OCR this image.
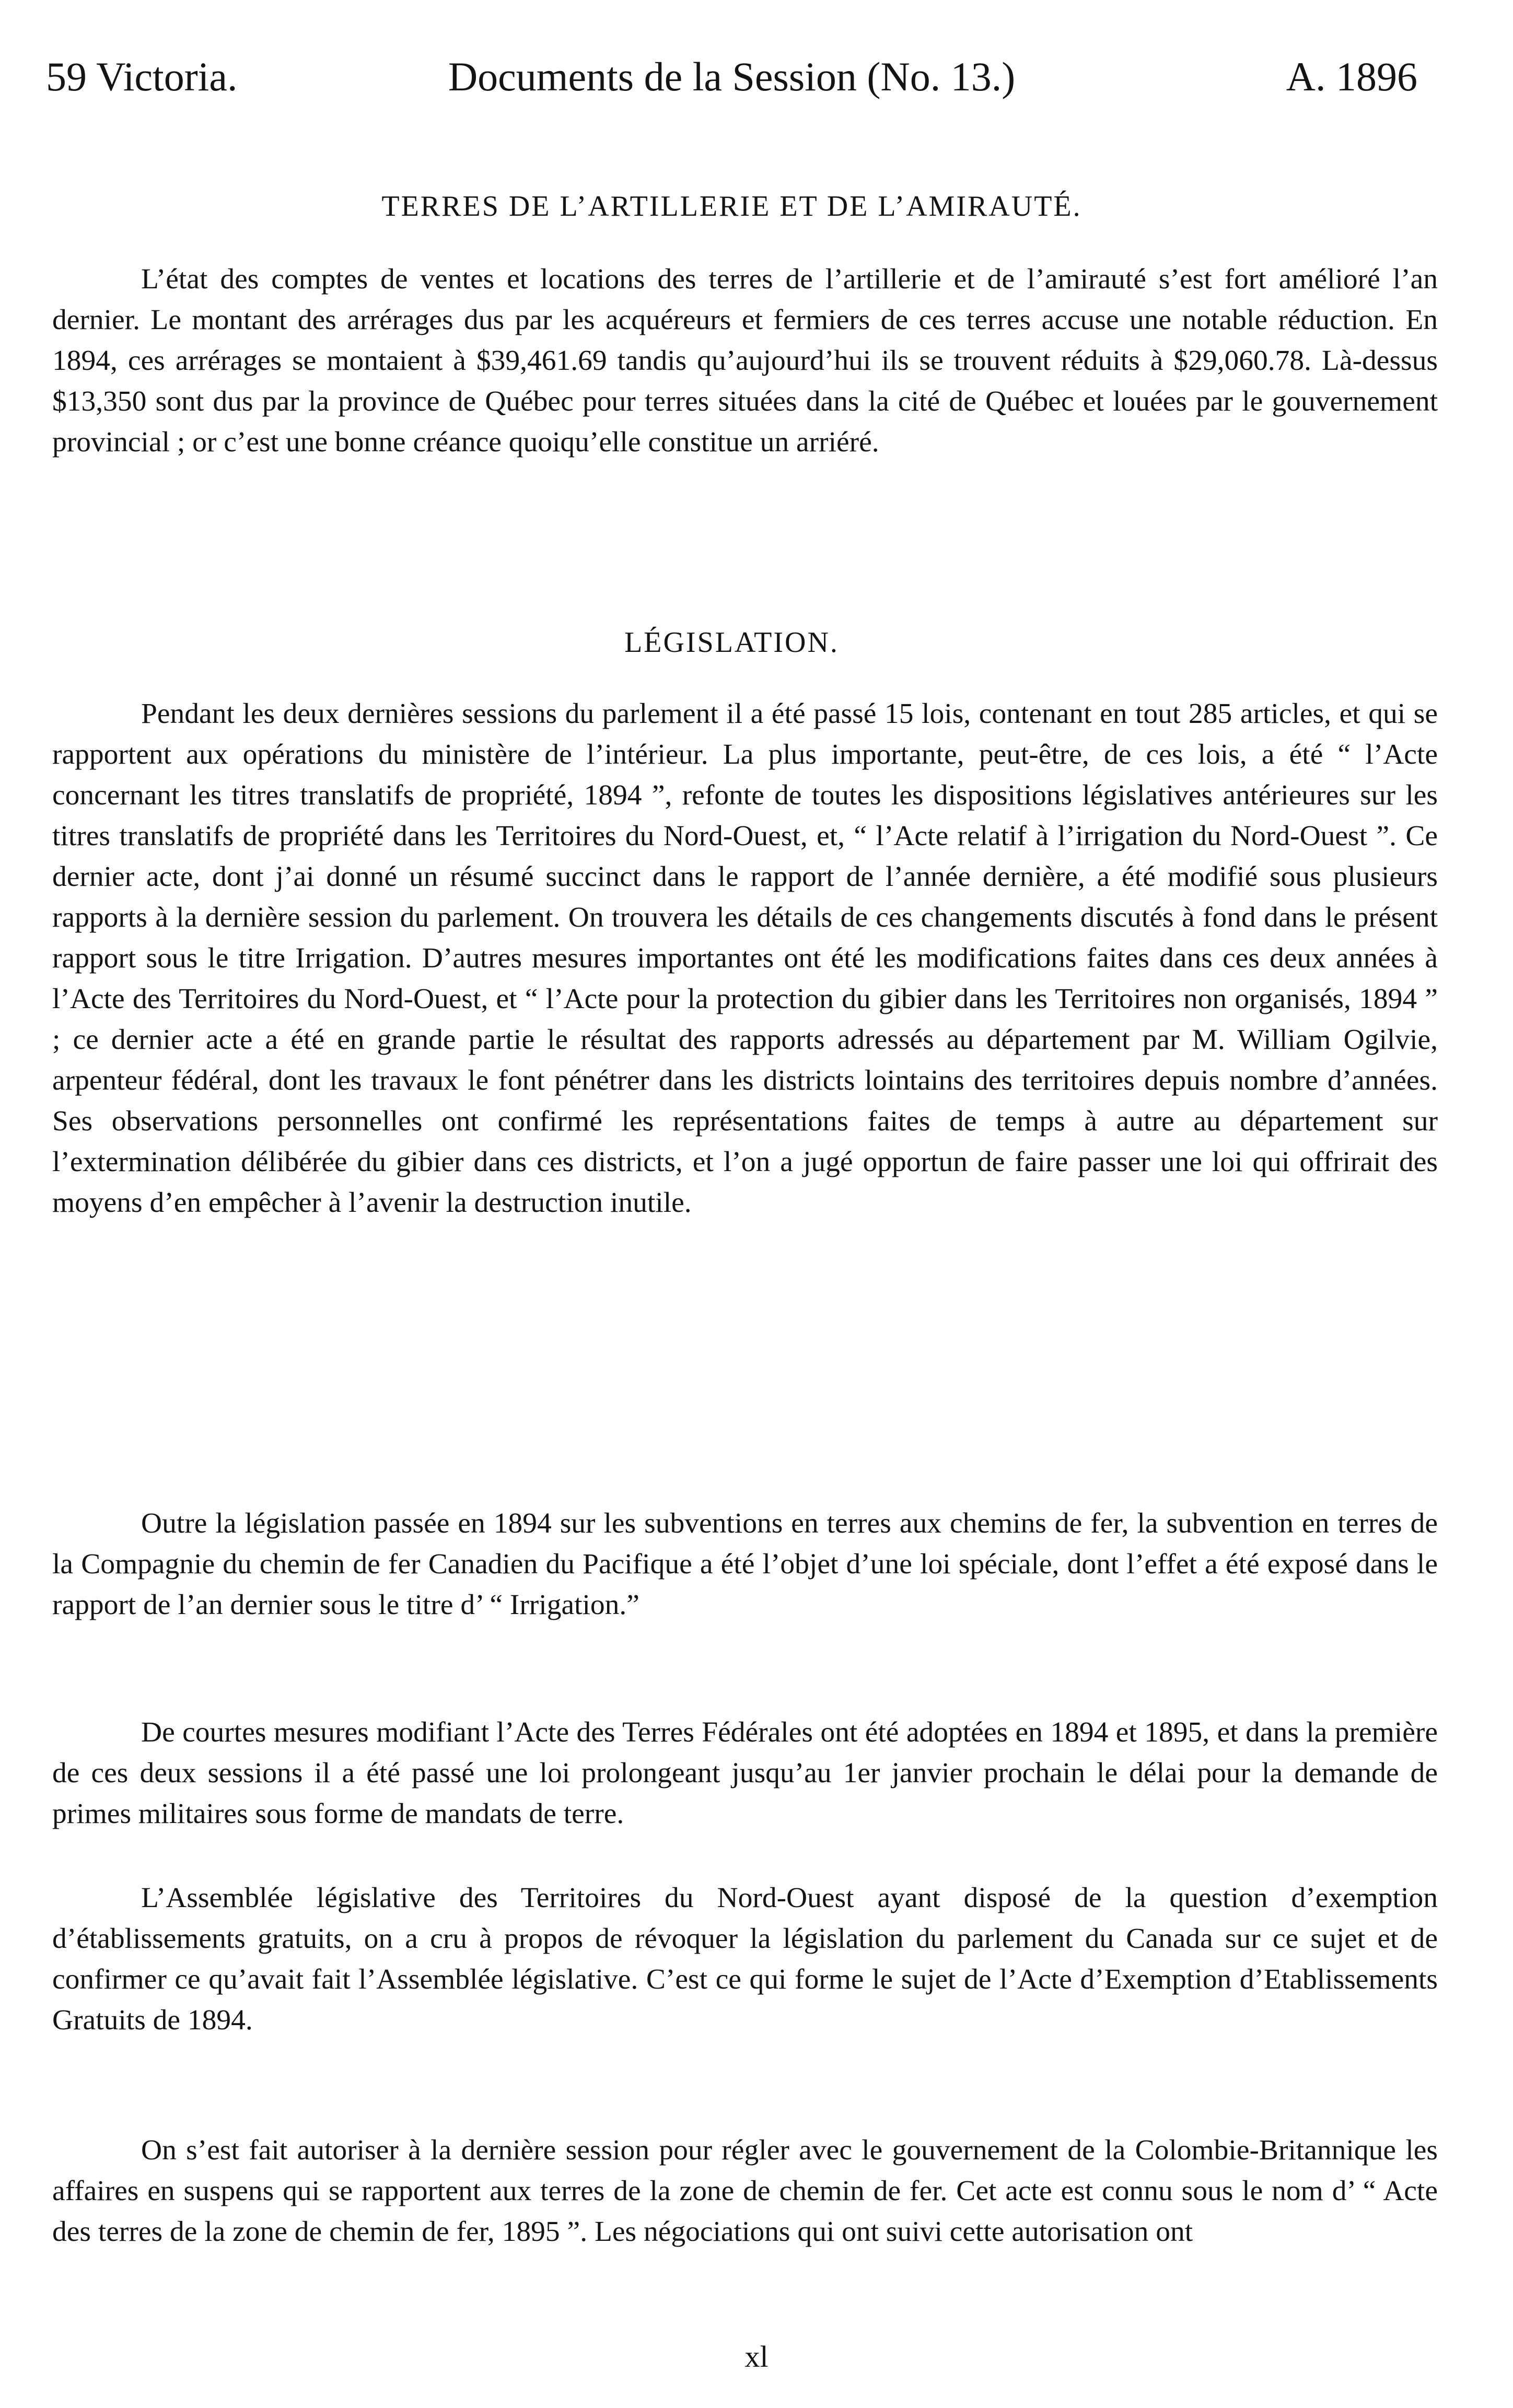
59 Victoria.	Documents de la Session (No. 13.)	A. 1896
TERRES DE L’ARTILLERIE ET DE L’AMIRAUTÉ.

L’état des comptes de ventes et locations des terres de l’artillerie et de l’amirauté s’est fort amélioré l’an dernier. Le montant des arrérages dus par les acquéreurs et fermiers de ces terres accuse une notable réduction. En 1894, ces arrérages se montaient à $39,461.69 tandis qu’aujourd’hui ils se trouvent réduits à $29,060.78. Là-dessus $13,350 sont dus par la province de Québec pour terres situées dans la cité de Québec et louées par le gouvernement provincial ; or c’est une bonne créance quoiqu’elle constitue un arriéré.

LÉGISLATION.

Pendant les deux dernières sessions du parlement il a été passé 15 lois, contenant en tout 285 articles, et qui se rapportent aux opérations du ministère de l’intérieur. La plus importante, peut-être, de ces lois, a été “ l’Acte concernant les titres translatifs de propriété, 1894 ”, refonte de toutes les dispositions législatives antérieures sur les titres translatifs de propriété dans les Territoires du Nord-Ouest, et, “ l’Acte relatif à l’irrigation du Nord-Ouest ”. Ce dernier acte, dont j’ai donné un résumé succinct dans le rapport de l’année dernière, a été modifié sous plusieurs rapports à la dernière session du parlement. On trouvera les détails de ces changements discutés à fond dans le présent rapport sous le titre Irrigation. D’autres mesures importantes ont été les modifications faites dans ces deux années à l’Acte des Territoires du Nord-Ouest, et “ l’Acte pour la protection du gibier dans les Territoires non organisés, 1894 ” ; ce dernier acte a été en grande partie le résultat des rapports adressés au département par M. William Ogilvie, arpenteur fédéral, dont les travaux le font pénétrer dans les districts lointains des territoires depuis nombre d’années. Ses observations personnelles ont confirmé les représentations faites de temps à autre au département sur l’extermination délibérée du gibier dans ces districts, et l’on a jugé opportun de faire passer une loi qui offrirait des moyens d’en empêcher à l’avenir la destruction inutile.

Outre la législation passée en 1894 sur les subventions en terres aux chemins de fer, la subvention en terres de la Compagnie du chemin de fer Canadien du Pacifique a été l’objet d’une loi spéciale, dont l’effet a été exposé dans le rapport de l’an dernier sous le titre d’ “ Irrigation.”

De courtes mesures modifiant l’Acte des Terres Fédérales ont été adoptées en 1894 et 1895, et dans la première de ces deux sessions il a été passé une loi prolongeant jusqu’au 1er janvier prochain le délai pour la demande de primes militaires sous forme de mandats de terre.

L’Assemblée législative des Territoires du Nord-Ouest ayant disposé de la question d’exemption d’établissements gratuits, on a cru à propos de révoquer la législation du parlement du Canada sur ce sujet et de confirmer ce qu’avait fait l’Assemblée législative. C’est ce qui forme le sujet de l’Acte d’Exemption d’Etablissements Gratuits de 1894.

On s’est fait autoriser à la dernière session pour régler avec le gouvernement de la Colombie-Britannique les affaires en suspens qui se rapportent aux terres de la zone de chemin de fer. Cet acte est connu sous le nom d’ “ Acte des terres de la zone de chemin de fer, 1895 ”. Les négociations qui ont suivi cette autorisation ont

xl
